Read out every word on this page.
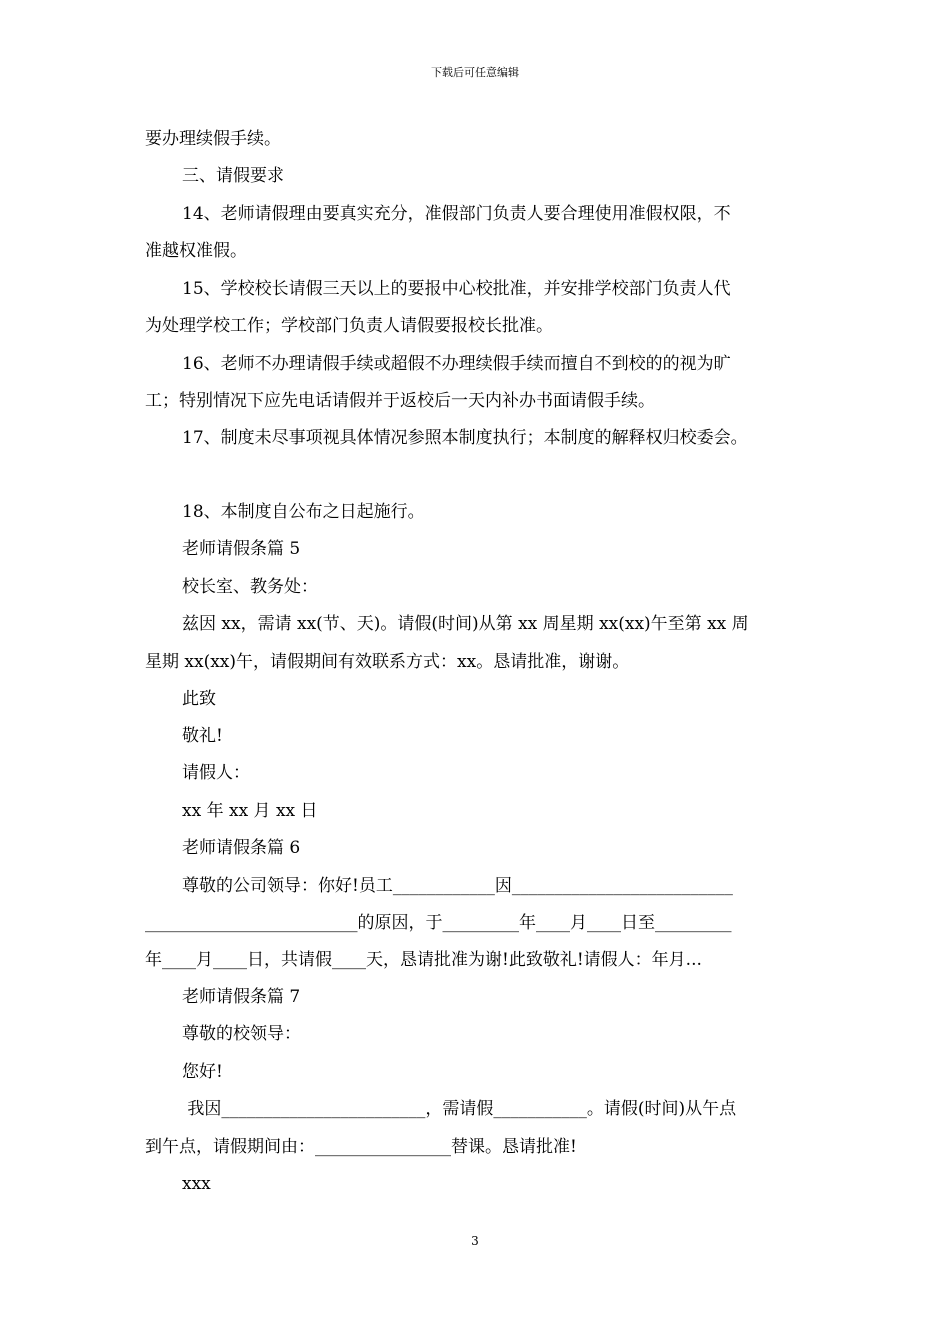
下载后可任意编辑
要办理续假手续。
三、请假要求
14、老师请假理由要真实充分，准假部门负责人要合理使用准假权限，不
准越权准假。
15、学校校长请假三天以上的要报中心校批准，并安排学校部门负责人代
为处理学校工作；学校部门负责人请假要报校长批准。
16、老师不办理请假手续或超假不办理续假手续而擅自不到校的的视为旷
工；特别情况下应先电话请假并于返校后一天内补办书面请假手续。
17、制度未尽事项视具体情况参照本制度执行；本制度的解释权归校委会。
18、本制度自公布之日起施行。
老师请假条篇 5
校长室、教务处：
兹因 xx，需请 xx(节、天)。请假(时间)从第 xx 周星期 xx(xx)午至第 xx 周
星期 xx(xx)午，请假期间有效联系方式：xx。恳请批准，谢谢。
此致
敬礼!
请假人：
xx 年 xx 月 xx 日
老师请假条篇 6
尊敬的公司领导：你好!员工____________因__________________________
_________________________的原因，于_________年____月____日至_________
年____月____日，共请假____天，恳请批准为谢!此致敬礼!请假人：年月...
老师请假条篇 7
尊敬的校领导：
您好!
我因________________________，需请假___________。请假(时间)从午点
到午点，请假期间由：________________替课。恳请批准!
xxx
3
